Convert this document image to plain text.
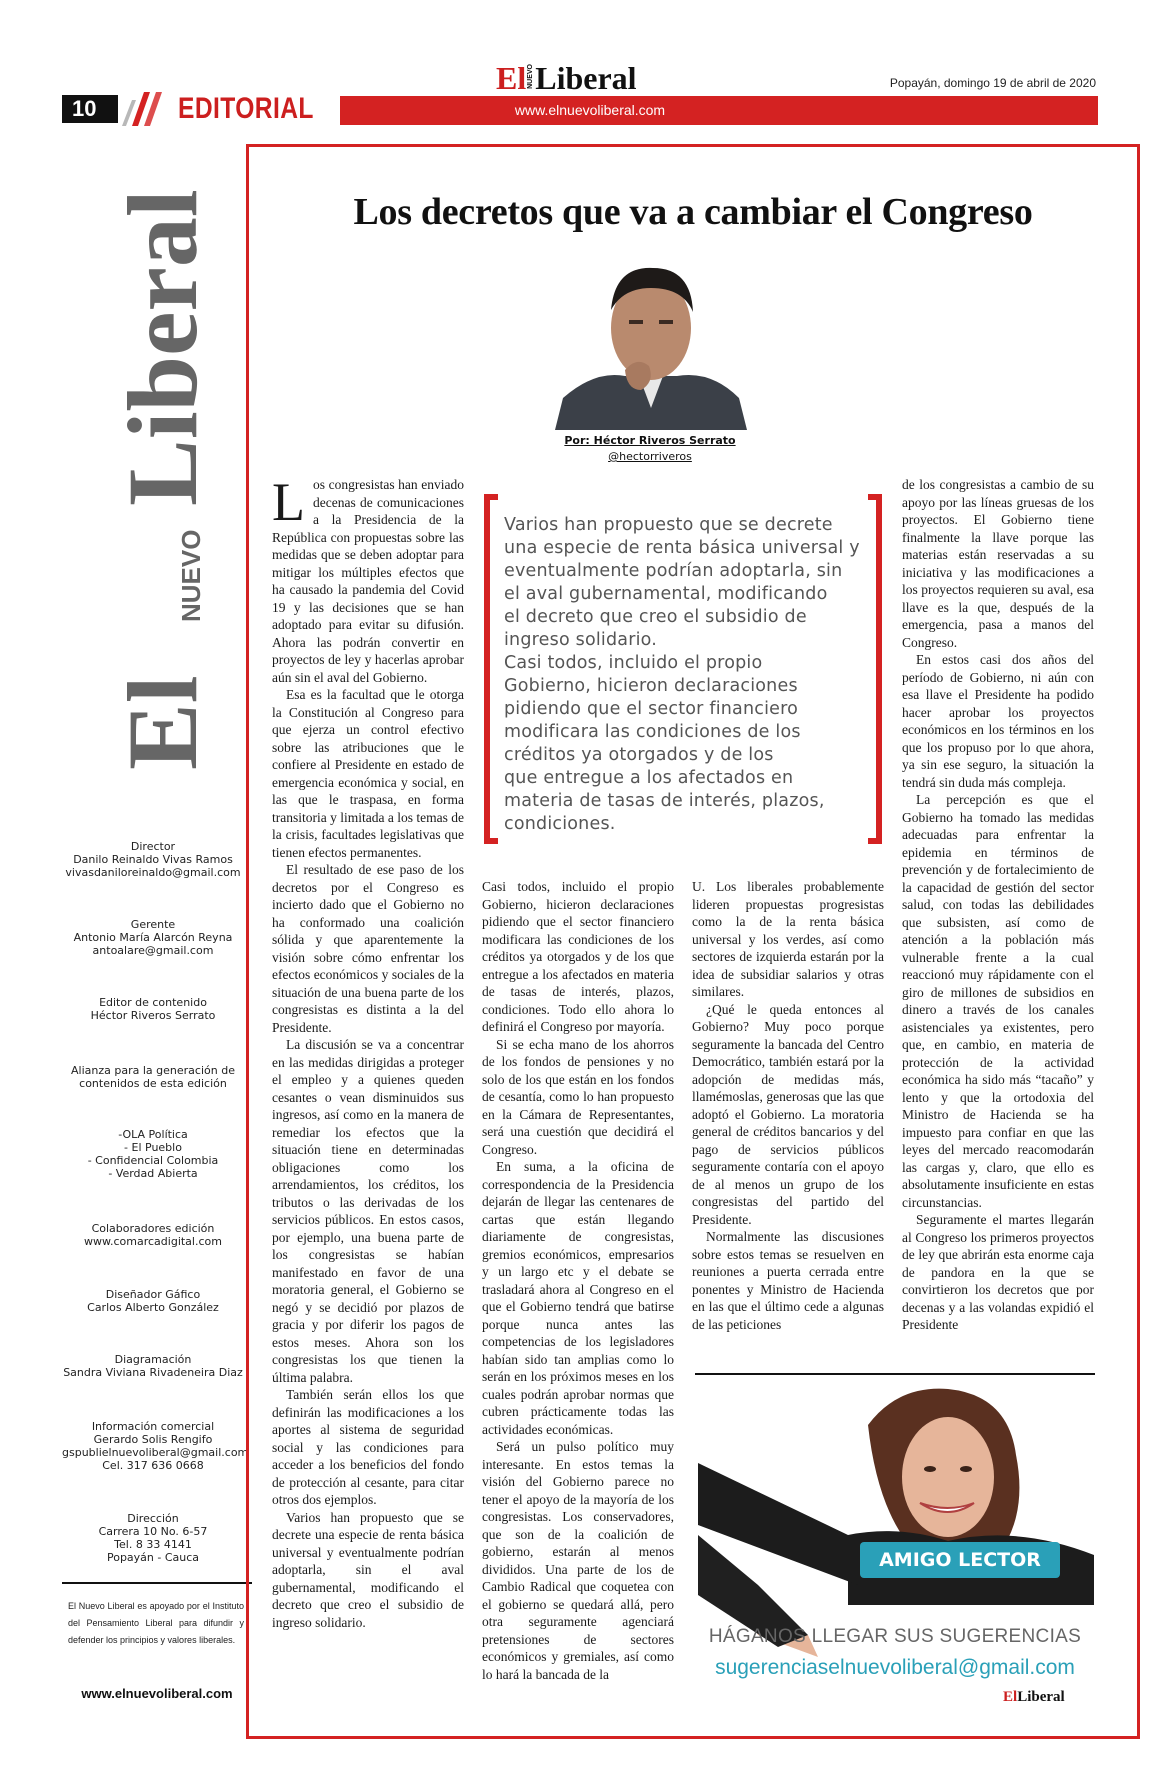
10	EDITORIAL	www.elnuevoliberal.com
ElNUEVOLiberal	Popayán, domingo 19 de abril de 2020
El
NUEVO
Liberal
Director
Danilo Reinaldo Vivas Ramos
vivasdaniloreinaldo@gmail.com
Gerente
Antonio María Alarcón Reyna
antoalare@gmail.com
Editor de contenido
Héctor Riveros Serrato
Alianza para la generación de
contenidos de esta edición
-OLA Política
- El Pueblo
- Confidencial Colombia
- Verdad Abierta
Colaboradores edición
www.comarcadigital.com
Diseñador Gáfico
Carlos Alberto González
Diagramación
Sandra Viviana Rivadeneira Diaz
Información comercial
Gerardo Solis Rengifo
gspublielnuevoliberal@gmail.com
Cel. 317 636 0668
Dirección
Carrera 10 No. 6-57
Tel. 8 33 4141
Popayán - Cauca
El Nuevo Liberal es apoyado por el Instituto del Pensamiento Liberal para difundir y defender los principios y valores liberales.
www.elnuevoliberal.com
Los decretos que va a cambiar el Congreso
Por: Héctor Riveros Serrato
@hectorriveros
L os congresistas han enviado decenas de comunicaciones a la Presidencia de la República con propuestas sobre las medidas que se deben adoptar para mitigar los múltiples efectos que ha causado la pandemia del Covid 19 y las decisiones que se han adoptado para evitar su difusión. Ahora las podrán convertir en proyectos de ley y hacerlas aprobar aún sin el aval del Gobierno.

Esa es la facultad que le otorga la Constitución al Congreso para que ejerza un control efectivo sobre las atribuciones que le confiere al Presidente en estado de emergencia económica y social, en las que le traspasa, en forma transitoria y limitada a los temas de la crisis, facultades legislativas que tienen efectos permanentes.

El resultado de ese paso de los decretos por el Congreso es incierto dado que el Gobierno no ha conformado una coalición sólida y que aparentemente la visión sobre cómo enfrentar los efectos económicos y sociales de la situación de una buena parte de los congresistas es distinta a la del Presidente.

La discusión se va a concentrar en las medidas dirigidas a proteger el empleo y a quienes queden cesantes o vean disminuidos sus ingresos, así como en la manera de remediar los efectos que la situación tiene en determinadas obligaciones como los arrendamientos, los créditos, los tributos o las derivadas de los servicios públicos. En estos casos, por ejemplo, una buena parte de los congresistas se habían manifestado en favor de una moratoria general, el Gobierno se negó y se decidió por plazos de gracia y por diferir los pagos de estos meses. Ahora son los congresistas los que tienen la última palabra.

También serán ellos los que definirán las modificaciones a los aportes al sistema de seguridad social y las condiciones para acceder a los beneficios del fondo de protección al cesante, para citar otros dos ejemplos.

Varios han propuesto que se decrete una especie de renta básica universal y eventualmente podrían adoptarla, sin el aval gubernamental, modificando el decreto que creo el subsidio de ingreso solidario.

Casi todos, incluido el propio Gobierno, hicieron declaraciones pidiendo que el sector financiero modificara las condiciones de los créditos ya otorgados y de los que entregue a los afectados en materia de tasas de interés, plazos, condiciones. Todo ello ahora lo definirá el Congreso por mayoría.

Si se echa mano de los ahorros de los fondos de pensiones y no solo de los que están en los fondos de cesantía, como lo han propuesto en la Cámara de Representantes, será una cuestión que decidirá el Congreso.

En suma, a la oficina de correspondencia de la Presidencia dejarán de llegar las centenares de cartas que están llegando diariamente de congresistas, gremios económicos, empresarios y un largo etc y el debate se trasladará ahora al Congreso en el que el Gobierno tendrá que batirse porque nunca antes las competencias de los legisladores habían sido tan amplias como lo serán en los próximos meses en los cuales podrán aprobar normas que cubren prácticamente todas las actividades económicas.

Será un pulso político muy interesante. En estos temas la visión del Gobierno parece no tener el apoyo de la mayoría de los congresistas. Los conservadores, que son de la coalición de gobierno, estarán al menos divididos. Una parte de los de Cambio Radical que coquetea con el gobierno se quedará allá, pero otra seguramente agenciará pretensiones de sectores económicos y gremiales, así como lo hará la bancada de la

U. Los liberales probablemente lideren propuestas progresistas como la de la renta básica universal y los verdes, así como sectores de izquierda estarán por la idea de subsidiar salarios y otras similares.

¿Qué le queda entonces al Gobierno? Muy poco porque seguramente la bancada del Centro Democrático, también estará por la adopción de medidas más, llamémoslas, generosas que las que adoptó el Gobierno. La moratoria general de créditos bancarios y del pago de servicios públicos seguramente contaría con el apoyo de al menos un grupo de los congresistas del partido del Presidente.

Normalmente las discusiones sobre estos temas se resuelven en reuniones a puerta cerrada entre ponentes y Ministro de Hacienda en las que el último cede a algunas de las peticiones

de los congresistas a cambio de su apoyo por las líneas gruesas de los proyectos. El Gobierno tiene finalmente la llave porque las materias están reservadas a su iniciativa y las modificaciones a los proyectos requieren su aval, esa llave es la que, después de la emergencia, pasa a manos del Congreso.

En estos casi dos años del período de Gobierno, ni aún con esa llave el Presidente ha podido hacer aprobar los proyectos económicos en los términos en los que los propuso por lo que ahora, ya sin ese seguro, la situación la tendrá sin duda más compleja.

La percepción es que el Gobierno ha tomado las medidas adecuadas para enfrentar la epidemia en términos de prevención y de fortalecimiento de la capacidad de gestión del sector salud, con todas las debilidades que subsisten, así como de atención a la población más vulnerable frente a la cual reaccionó muy rápidamente con el giro de millones de subsidios en dinero a través de los canales asistenciales ya existentes, pero que, en cambio, en materia de protección de la actividad económica ha sido más “tacaño” y lento y que la ortodoxia del Ministro de Hacienda se ha impuesto para confiar en que las leyes del mercado reacomodarán las cargas y, claro, que ello es absolutamente insuficiente en estas circunstancias.

Seguramente el martes llegarán al Congreso los primeros proyectos de ley que abrirán esta enorme caja de pandora en la que se convirtieron los decretos que por decenas y a las volandas expidió el Presidente

Varios han propuesto que se decrete
una especie de renta básica universal y
eventualmente podrían adoptarla, sin
el aval gubernamental, modificando
el decreto que creo el subsidio de
ingreso solidario.
Casi todos, incluido el propio
Gobierno, hicieron declaraciones
pidiendo que el sector financiero
modificara las condiciones de los
créditos ya otorgados y de los
que entregue a los afectados en
materia de tasas de interés, plazos,
condiciones.
AMIGO LECTOR
HÁGANOS LLEGAR SUS SUGERENCIAS
sugerenciaselnuevoliberal@gmail.com
ElLiberal
